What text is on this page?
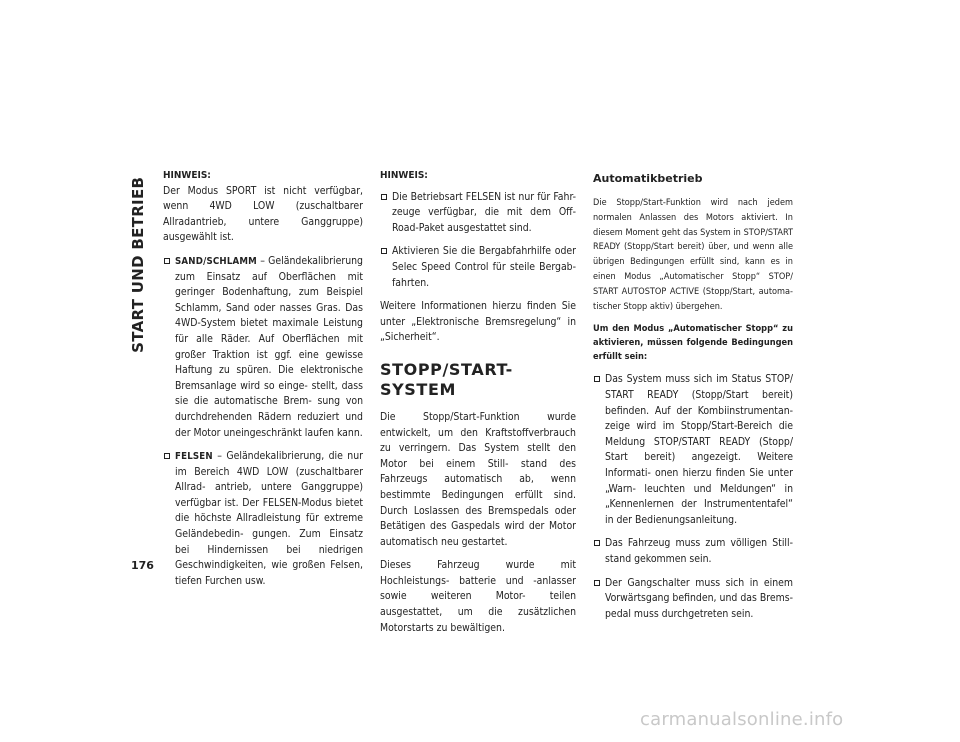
START UND BETRIEB
176
HINWEIS:

Der Modus SPORT ist nicht verfügbar, wenn 4WD LOW (zuschaltbarer Allradantrieb, untere Ganggruppe) ausgewählt ist.

SAND/SCHLAMM – Geländekalibrierung zum Einsatz auf Oberflächen mit geringer Bodenhaftung, zum Beispiel Schlamm, Sand oder nasses Gras. Das 4WD-System bietet maximale Leistung für alle Räder. Auf Oberflächen mit großer Traktion ist ggf. eine gewisse Haftung zu spüren. Die elektronische Bremsanlage wird so einge- stellt, dass sie die automatische Brem- sung von durchdrehenden Rädern reduziert und der Motor uneingeschränkt laufen kann.
FELSEN – Geländekalibrierung, die nur im Bereich 4WD LOW (zuschaltbarer Allrad- antrieb, untere Ganggruppe) verfügbar ist. Der FELSEN-Modus bietet die höchste Allradleistung für extreme Geländebedin- gungen. Zum Einsatz bei Hindernissen bei niedrigen Geschwindigkeiten, wie großen Felsen, tiefen Furchen usw.
HINWEIS:
Die Betriebsart FELSEN ist nur für Fahr- zeuge verfügbar, die mit dem Off-Road-Paket ausgestattet sind.
Aktivieren Sie die Bergabfahrhilfe oder Selec Speed Control für steile Bergab- fahrten.

Weitere Informationen hierzu finden Sie unter „Elektronische Bremsregelung“ in „Sicherheit“.

STOPP/START-SYSTEM

Die Stopp/Start-Funktion wurde entwickelt, um den Kraftstoffverbrauch zu verringern. Das System stellt den Motor bei einem Still- stand des Fahrzeugs automatisch ab, wenn bestimmte Bedingungen erfüllt sind. Durch Loslassen des Bremspedals oder Betätigen des Gaspedals wird der Motor automatisch neu gestartet.

Dieses Fahrzeug wurde mit Hochleistungs- batterie und -anlasser sowie weiteren Motor- teilen ausgestattet, um die zusätzlichen Motorstarts zu bewältigen.

Automatikbetrieb

Die Stopp/Start-Funktion wird nach jedem normalen Anlassen des Motors aktiviert. In diesem Moment geht das System in STOP/START READY (Stopp/Start bereit) über, und wenn alle übrigen Bedingungen erfüllt sind, kann es in einen Modus „Automatischer Stopp“ STOP/ START AUTOSTOP ACTIVE (Stopp/Start, automa- tischer Stopp aktiv) übergehen.

Um den Modus „Automatischer Stopp“ zu aktivieren, müssen folgende Bedingungen erfüllt sein:

Das System muss sich im Status STOP/ START READY (Stopp/Start bereit) befinden. Auf der Kombiinstrumentan- zeige wird im Stopp/Start-Bereich die Meldung STOP/START READY (Stopp/ Start bereit) angezeigt. Weitere Informati- onen hierzu finden Sie unter „Warn- leuchten und Meldungen“ in „Kennenlernen der Instrumententafel“ in der Bedienungsanleitung.
Das Fahrzeug muss zum völligen Still- stand gekommen sein.
Der Gangschalter muss sich in einem Vorwärtsgang befinden, und das Brems- pedal muss durchgetreten sein.
carmanualsonline.info
